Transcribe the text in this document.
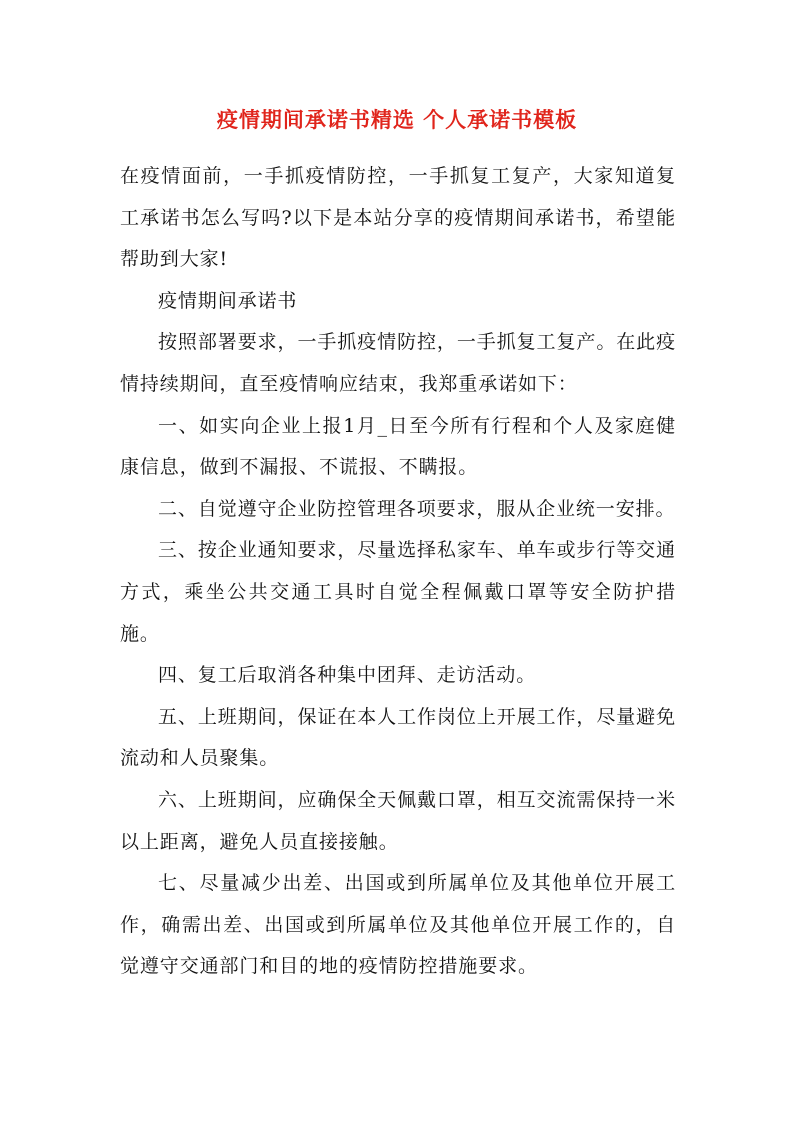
疫情期间承诺书精选 个人承诺书模板

在疫情面前，一手抓疫情防控，一手抓复工复产，大家知道复工承诺书怎么写吗?以下是本站分享的疫情期间承诺书，希望能帮助到大家!

疫情期间承诺书

按照部署要求，一手抓疫情防控，一手抓复工复产。在此疫情持续期间，直至疫情响应结束，我郑重承诺如下：

一、如实向企业上报1月_日至今所有行程和个人及家庭健康信息，做到不漏报、不谎报、不瞒报。

二、自觉遵守企业防控管理各项要求，服从企业统一安排。

三、按企业通知要求，尽量选择私家车、单车或步行等交通方式，乘坐公共交通工具时自觉全程佩戴口罩等安全防护措施。

四、复工后取消各种集中团拜、走访活动。

五、上班期间，保证在本人工作岗位上开展工作，尽量避免流动和人员聚集。

六、上班期间，应确保全天佩戴口罩，相互交流需保持一米以上距离，避免人员直接接触。

七、尽量减少出差、出国或到所属单位及其他单位开展工作，确需出差、出国或到所属单位及其他单位开展工作的，自觉遵守交通部门和目的地的疫情防控措施要求。
